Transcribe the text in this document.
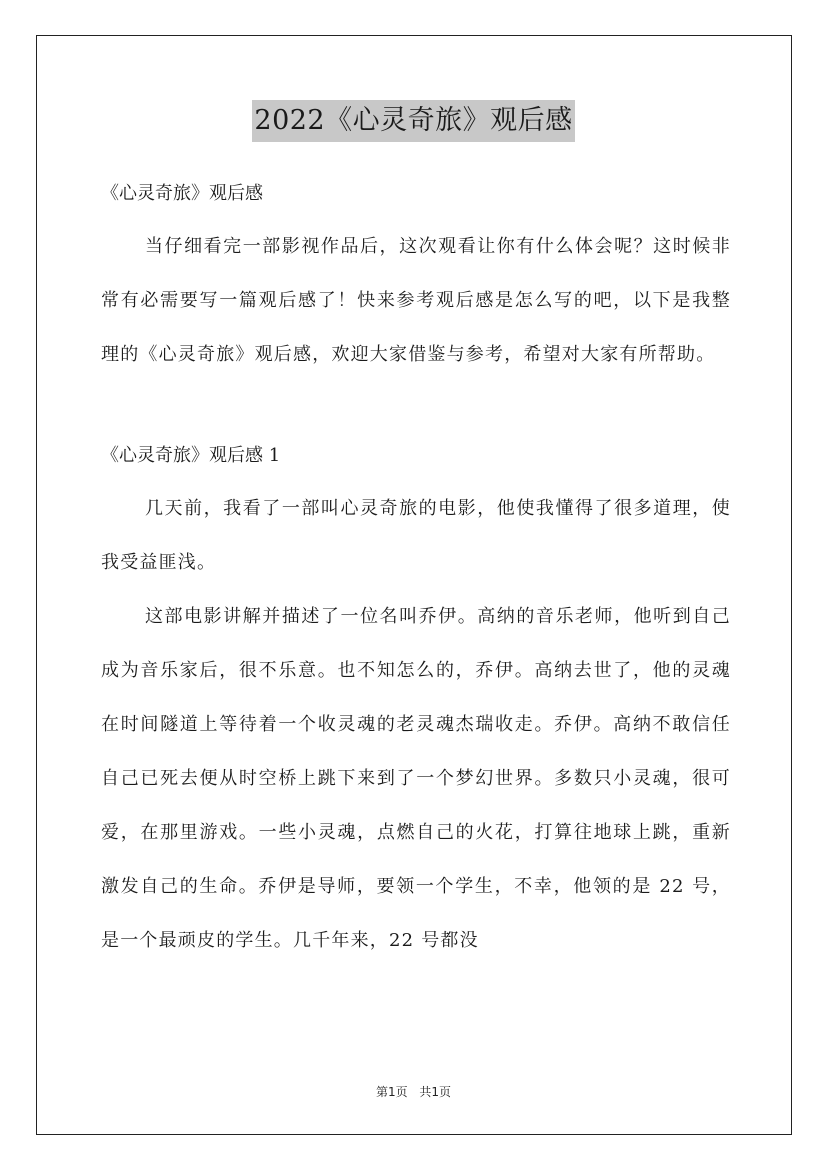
2022《心灵奇旅》观后感

《心灵奇旅》观后感

当仔细看完一部影视作品后，这次观看让你有什么体会呢？这时候非常有必需要写一篇观后感了！快来参考观后感是怎么写的吧，以下是我整理的《心灵奇旅》观后感，欢迎大家借鉴与参考，希望对大家有所帮助。

《心灵奇旅》观后感 1

几天前，我看了一部叫心灵奇旅的电影，他使我懂得了很多道理，使我受益匪浅。

这部电影讲解并描述了一位名叫乔伊。高纳的音乐老师，他听到自己成为音乐家后，很不乐意。也不知怎么的，乔伊。高纳去世了，他的灵魂在时间隧道上等待着一个收灵魂的老灵魂杰瑞收走。乔伊。高纳不敢信任自己已死去便从时空桥上跳下来到了一个梦幻世界。多数只小灵魂，很可爱，在那里游戏。一些小灵魂，点燃自己的火花，打算往地球上跳，重新激发自己的生命。乔伊是导师，要领一个学生，不幸，他领的是 22 号，是一个最顽皮的学生。几千年来，22 号都没

第1页 共1页
